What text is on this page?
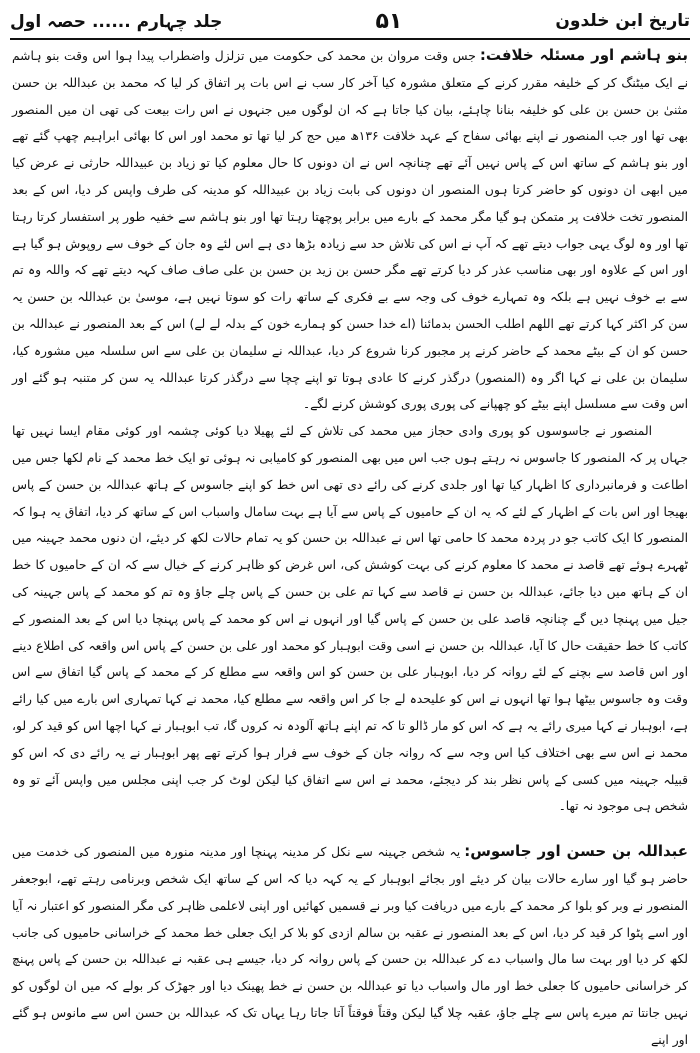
تاریخ ابن خلدون
۵۱
جلد چہارم ...... حصہ اول

بنو ہاشم اور مسئلہ خلافت:جس وقت مروان بن محمد کی حکومت میں تزلزل واضطراب پیدا ہوا اس وقت بنو ہاشم نے ایک میٹنگ کر کے خلیفہ مقرر کرنے کے متعلق مشورہ کیا آخر کار سب نے اس بات پر اتفاق کر لیا کہ محمد بن عبداللہ بن حسن مثنیٰ بن حسن بن علی کو خلیفہ بنانا چاہئے، بیان کیا جاتا ہے کہ ان لوگوں میں جنہوں نے اس رات بیعت کی تھی ان میں المنصور بھی تھا اور جب المنصور نے اپنے بھائی سفاح کے عہد خلافت ۱۳۶ھ میں حج کر لیا تھا تو محمد اور اس کا بھائی ابراہیم چھپ گئے تھے اور بنو ہاشم کے ساتھ اس کے پاس نہیں آئے تھے چنانچہ اس نے ان دونوں کا حال معلوم کیا تو زیاد بن عبیداللہ حارثی نے عرض کیا میں ابھی ان دونوں کو حاضر کرتا ہوں المنصور ان دونوں کی بابت زیاد بن عبیداللہ کو مدینہ کی طرف واپس کر دیا، اس کے بعد المنصور تخت خلافت پر متمکن ہو گیا مگر محمد کے بارے میں برابر پوچھتا رہتا تھا اور بنو ہاشم سے خفیہ طور پر استفسار کرتا رہتا تھا اور وہ لوگ یہی جواب دیتے تھے کہ آپ نے اس کی تلاش حد سے زیادہ بڑھا دی ہے اس لئے وہ جان کے خوف سے روپوش ہو گیا ہے اور اس کے علاوہ اور بھی مناسب عذر کر دیا کرتے تھے مگر حسن بن زید بن حسن بن علی صاف صاف کہہ دیتے تھے کہ واللہ وہ تم سے بے خوف نہیں ہے بلکہ وہ تمہارے خوف کی وجہ سے بے فکری کے ساتھ رات کو سوتا نہیں ہے، موسیٰ بن عبداللہ بن حسن یہ سن کر اکثر کہا کرتے تھے اللھم اطلب الحسن بدمائنا (اے خدا حسن کو ہمارے خون کے بدلہ لے لے) اس کے بعد المنصور نے عبداللہ بن حسن کو ان کے بیٹے محمد کے حاضر کرنے پر مجبور کرنا شروع کر دیا، عبداللہ نے سلیمان بن علی سے اس سلسلہ میں مشورہ کیا، سلیمان بن علی نے کہا اگر وہ (المنصور) درگذر کرنے کا عادی ہوتا تو اپنے چچا سے درگذر کرتا عبداللہ یہ سن کر متنبہ ہو گئے اور اس وقت سے مسلسل اپنے بیٹے کو چھپانے کی پوری پوری کوشش کرنے لگے۔

المنصور نے جاسوسوں کو پوری وادی حجاز میں محمد کی تلاش کے لئے پھیلا دیا کوئی چشمہ اور کوئی مقام ایسا نہیں تھا جہاں پر کہ المنصور کا جاسوس نہ رہتے ہوں جب اس میں بھی المنصور کو کامیابی نہ ہوئی تو ایک خط محمد کے نام لکھا جس میں اطاعت و فرمانبرداری کا اظہار کیا تھا اور جلدی کرنے کی رائے دی تھی اس خط کو اپنے جاسوس کے ہاتھ عبداللہ بن حسن کے پاس بھیجا اور اس بات کے اظہار کے لئے کہ یہ ان کے حامیوں کے پاس سے آیا ہے بہت سامال واسباب اس کے ساتھ کر دیا، اتفاق یہ ہوا کہ المنصور کا ایک کاتب جو در پردہ محمد کا حامی تھا اس نے عبداللہ بن حسن کو یہ تمام حالات لکھ کر دیئے، ان دنوں محمد جہینہ میں ٹھہرے ہوئے تھے قاصد نے محمد کا معلوم کرنے کی بہت کوشش کی، اس غرض کو ظاہر کرنے کے خیال سے کہ ان کے حامیوں کا خط ان کے ہاتھ میں دیا جائے، عبداللہ بن حسن نے قاصد سے کہا تم علی بن حسن کے پاس چلے جاؤ وہ تم کو محمد کے پاس جہینہ کی جیل میں پہنچا دیں گے چنانچہ قاصد علی بن حسن کے پاس گیا اور انہوں نے اس کو محمد کے پاس پہنچا دیا اس کے بعد المنصور کے کاتب کا خط حقیقت حال کا آیا، عبداللہ بن حسن نے اسی وقت ابوہبار کو محمد اور علی بن حسن کے پاس اس واقعہ کی اطلاع دینے اور اس قاصد سے بچنے کے لئے روانہ کر دیا، ابوہبار علی بن حسن کو اس واقعہ سے مطلع کر کے محمد کے پاس گیا اتفاق سے اس وقت وہ جاسوس بیٹھا ہوا تھا انہوں نے اس کو علیحدہ لے جا کر اس واقعہ سے مطلع کیا، محمد نے کہا تمہاری اس بارے میں کیا رائے ہے، ابوہبار نے کہا میری رائے یہ ہے کہ اس کو مار ڈالو تا کہ تم اپنے ہاتھ آلودہ نہ کروں گا، تب ابوہبار نے کہا اچھا اس کو قید کر لو، محمد نے اس سے بھی اختلاف کیا اس وجہ سے کہ روانہ جان کے خوف سے فرار ہوا کرتے تھے پھر ابوہبار نے یہ رائے دی کہ اس کو قبیلہ جہینہ میں کسی کے پاس نظر بند کر دیجئے، محمد نے اس سے اتفاق کیا لیکن لوٹ کر جب اپنی مجلس میں واپس آئے تو وہ شخص ہی موجود نہ تھا۔

عبداللہ بن حسن اور جاسوس:یہ شخص جہینہ سے نکل کر مدینہ پہنچا اور مدینہ منورہ میں المنصور کی خدمت میں حاضر ہو گیا اور سارے حالات بیان کر دیئے اور بجائے ابوہبار کے یہ کہہ دیا کہ اس کے ساتھ ایک شخص وبرنامی رہتے تھے، ابوجعفر المنصور نے وبر کو بلوا کر محمد کے بارے میں دریافت کیا وبر نے قسمیں کھائیں اور اپنی لاعلمی ظاہر کی مگر المنصور کو اعتبار نہ آیا اور اسے پٹوا کر قید کر دیا، اس کے بعد المنصور نے عقبہ بن سالم ازدی کو بلا کر ایک جعلی خط محمد کے خراسانی حامیوں کی جانب لکھ کر دیا اور بہت سا مال واسباب دے کر عبداللہ بن حسن کے پاس روانہ کر دیا، جیسے ہی عقبہ نے عبداللہ بن حسن کے پاس پہنچ کر خراسانی حامیوں کا جعلی خط اور مال واسباب دیا تو عبداللہ بن حسن نے خط پھینک دیا اور جھڑک کر بولے کہ میں ان لوگوں کو نہیں جانتا تم میرے پاس سے چلے جاؤ، عقبہ چلا گیا لیکن وقتاً فوقتاً آتا جاتا رہا یہاں تک کہ عبداللہ بن حسن اس سے مانوس ہو گئے اور اپنے
